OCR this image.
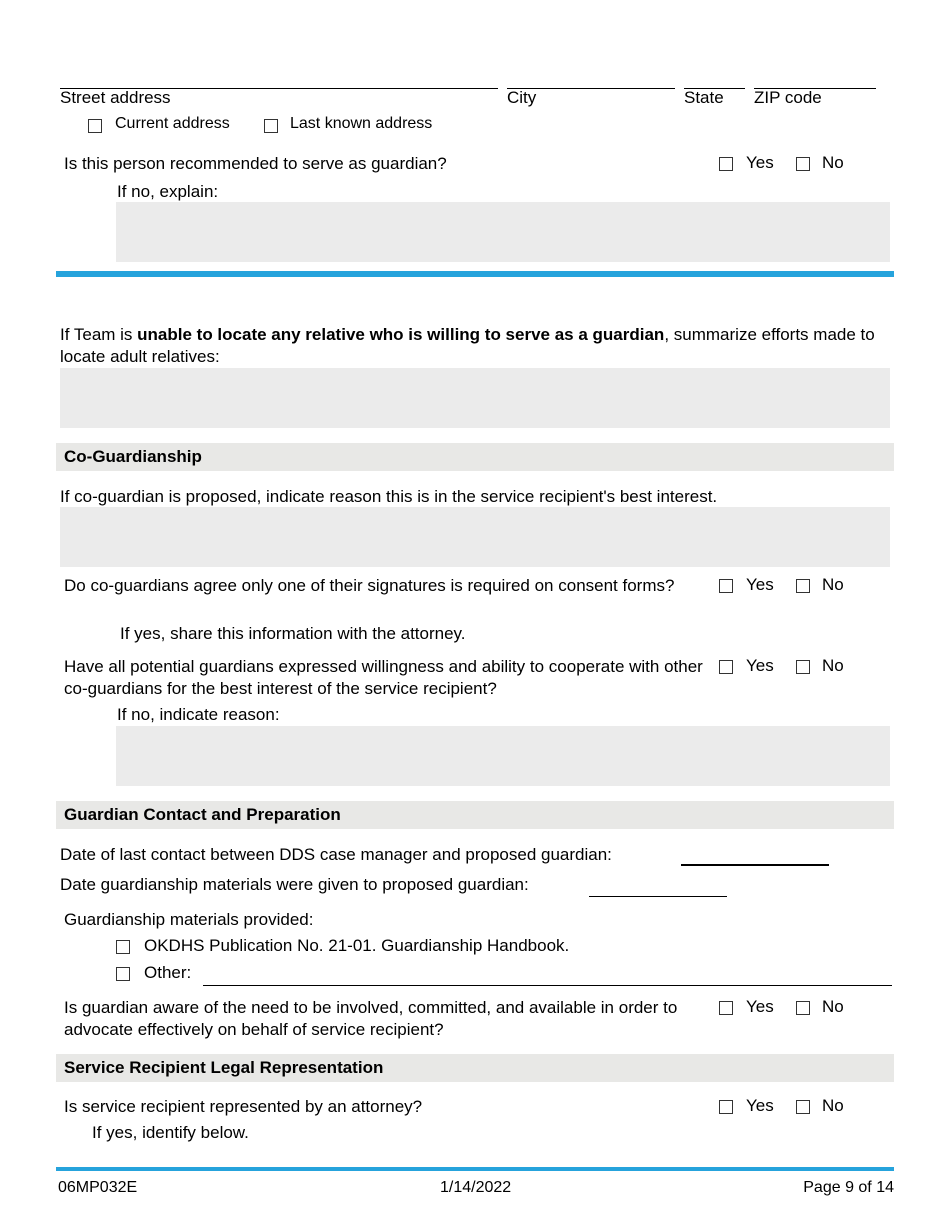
Street address	City	State ZIP code
Current address	Last known address
Is this person recommended to serve as guardian?	Yes	No
If no, explain:
If Team is unable to locate any relative who is willing to serve as a guardian, summarize efforts made to locate adult relatives:
Co-Guardianship
If co-guardian is proposed, indicate reason this is in the service recipient's best interest.
Do co-guardians agree only one of their signatures is required on consent forms?	Yes	No
If yes, share this information with the attorney.
Have all potential guardians expressed willingness and ability to cooperate with other co-guardians for the best interest of the service recipient?
Yes	No
If no, indicate reason:
Guardian Contact and Preparation
Date of last contact between DDS case manager and proposed guardian:
Date guardianship materials were given to proposed guardian:
Guardianship materials provided:
OKDHS Publication No. 21-01. Guardianship Handbook.
Other:
Is guardian aware of the need to be involved, committed, and available in order to advocate effectively on behalf of service recipient?
Yes	No
Service Recipient Legal Representation
Is service recipient represented by an attorney?	Yes	No
If yes, identify below.
06MP032E	1/14/2022	Page 9 of 14
